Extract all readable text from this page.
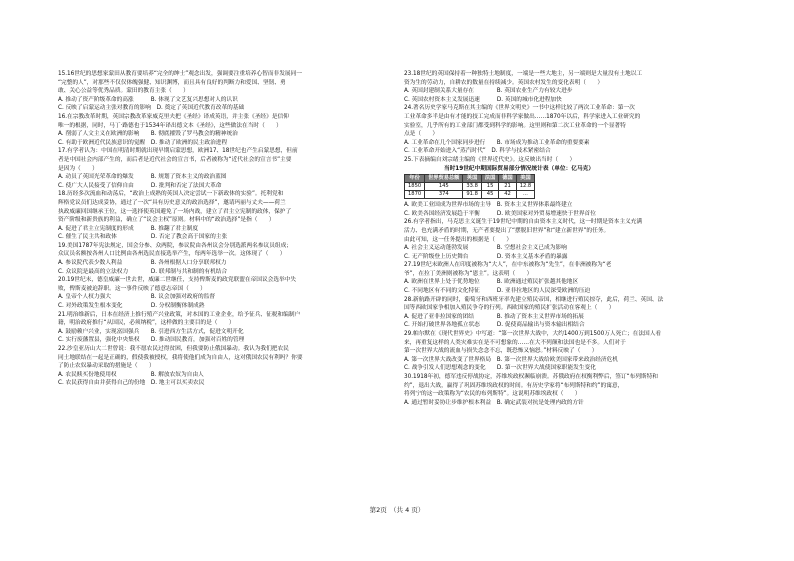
15.16世纪的思想家蒙田从教育要培养“完全的绅士”观念出发，强调要注重培养心智而非发展同一
“完整的人”，对那些不仅仅体魄强健、知识渊博，而且具有良好的判断力和爱国、坚韧、勇
敢、关心公益等优秀品质。蒙田的教育主张（　　）
A. 推动了资产阶级革命的高涨　　　B. 体现了文艺复兴思想对人的认识
C. 反映了启蒙运动主张对教育的影响　D. 奠定了英国近代教育改革的基础
16.在宗教改革时期，英国宗教改革家威克里夫把《圣经》译成英语，并主张《圣经》是信仰
唯一的根据，同时，马丁·路德也于1534年译出德文本《圣经》，这些做法在当时（　　）
A. 削弱了人文主义在欧洲的影响　　B. 彻底摧毁了罗马教会的精神统治
C. 有助于欧洲近代民族意识的觉醒　D. 推动了欧洲的民主政治进程
17.有学者认为：中国在明清时期就出现早期启蒙思想，欧洲17、18世纪也产生启蒙思想，但前
者是中国社会内部产生的，而后者是近代社会的宣言书，后者被称为“近代社会的宣言书”主要
是因为（　　）
A. 动员了英国光荣革命的爆发　　　B. 规划了资本主义的政治蓝图
C. 使广大人民接受了信仰自由　　　D. 批判和否定了法国大革命
18.历经多次流血和动荡后，“政治上成熟的英国人决定尝试一下新政体的实验”。托利党和
辉格党议员们达成妥协，通过了一次“具有历史意义的政治选择”，邀请玛丽与丈夫——荷兰
执政威廉回国继承王位，这一选择使英国避免了一场内战，建立了君主立宪制的政体，保护了
资产阶级和新贵族的利益，确立了“议会主权”原则。材料中的“政治选择”是指（　　）
A. 促进了君主立宪制度的形成　　　B. 推翻了君主制度
C. 催生了民主共和政体　　　　　　D. 否定了教会高于国家的主张
19.美国1787年宪法规定，国会分参、众两院，参议院由各州议会分别选派两名参议员组成；
众议员名额按各州人口比例由各州选民直接选举产生，每两年选举一次。这体现了（　　）
A. 参议院代表少数人利益　　　　　B. 各州根据人口分享联邦权力
C. 众议院是最高的立法权力　　　　D. 联邦制与共和制的有机结合
20.19世纪末，德皇威廉一世去世，威廉二世继任，支持俾斯麦的政党联盟在帝国议会选举中失
败，俾斯麦被迫辞职。这一事件反映了德意志帝国（　　）
A. 皇帝个人权力强大　　　　　　　B. 议会加强对政府的监督
C. 对外政策发生根本变化　　　　　D. 分权制衡体制成熟
21.明治维新后，日本在经济上推行殖产兴业政策，对本国的工业企业，给予征兵、征税和编制户
籍，明治政府推行“从国民，必须纳税”，这样做的主要目的是（　　）
A. 鼓励赖户兴业，实现富国强兵　　B. 引进西方生活方式，促进文明开化
C. 实行废藩置县，强化中央集权　　D. 推动国民教育，加强对百姓的管理
22.沙皇亚历山大二世曾说：我不愿农民过得贫困，但我要防止俄国暴动。我认为我们把农民
同土地联结在一起是正确的，假使我被授权，我将使他们成为自由人，这对俄国农民有利吗？你要
了防止农奴暴动采取的措施是（　　）
A. 农民赎买份地使用权　　　　　　B. 解放农奴为自由人
C. 农民获得自由并获得自己的份地　D. 地主可以买卖农民
23.18世纪的英国保持着一种独特土地制度，一端是一些大地主，另一端则是大量没有土地以工
资为生的劳动力，自耕农的数量在持续减少。英国农村发生的变化表明（　　）
A. 英国封建制关系大量存在　　　　B. 英国农业生产力有较大进步
C. 英国农村资本主义发展迅速　　　D. 英国的城市化进程加快
24.著名历史学家马克斯在其主编的《世界文明史》一书中这样比较了两次工业革命：第一次
工业革命多半是由有才能的技工完成而非科学家做出……1870年以后，科学家进入工业研究的
实验室，几乎所有的工业部门都受到科学的影响。这里则和第二次工业革命的一个显著特
点是（　　）
A. 工业革命在几个国家同步进行　　B. 市场成为推动工业革命的重要要素
C. 工业革命开始进入“蒸汽时代”　D. 科学与技术紧密结合
25.下表摘编自刘宗绪主编的《世界近代史》。这反映出当时（　　）
当时19世纪中期国际贸易部分情况统计表（单位：亿马克）
年份	世界贸易总额	英国	法国	德国	美国
1850	145	33.8	15	21	12.8
1870	374	91.8	45	42	...
A. 欧美工业国成为世界市场的主导　B. 资本主义世界体系最终建立
C. 欧美各国经济发展趋于平衡　　　D. 欧美国家对外贸易增速快于世界首位
26.有学者指出，马克思主义诞生于19世纪中期的自由资本主义时代，这一时期是资本主义充满
活力、也充满矛盾的时期，无产者要提出了“摆脱旧世界”和“建立新世界”的任务。
由此可知，这一任务提出的根据是（　　）
A. 社会主义运动蓬勃发展　　　　　B. 空想社会主义已成为影响
C. 无产阶级登上历史舞台　　　　　D. 资本主义基本矛盾的暴露
27.19世纪末欧洲人在印度被称为“大人”，在中东被称为“先生”，在非洲被称为“老
爷”，在拉丁美洲则被称为“恩主”。这表明（　　）
A. 欧洲在世界上处于优势地位　　　B. 欧洲通过殖民扩张越其他地区
C. 不同地区有不同的文化特征　　　D. 亚非拉地区的人民深受欧洲的压迫
28.新航路开辟的同时，葡萄牙和西班牙率先建立殖民帝国，相继进行殖民掠夺，此后，荷兰、英国、法
国等西欧国家争相加入殖民争夺的行列。西欧国家的殖民扩张活动在客观上（　　）
A. 促进了亚非拉国家的团结　　　　B. 推动了资本主义世界市场的拓展
C. 开始打破世界各地孤立状态　　　D. 促使商品输出与资本输出相结合
29.帕尔默在《现代世界史》中写道：“第一次世界大战中，大约1400万到1500万人死亡；在法国人看
来，再重复这样的人类灾难实在是不可想象的……在大不列颠和法国也是不多。人们对于
第一次世界大战的流血与损失念念不忘，既恐怖又恼怒。”材料反映了（　　）
A. 第一次世界大战改变了世界格局　B. 第一次世界大战给欧美国家带来政治经济危机
C. 战争引发人们思想观念的变化　　D. 第一次世界大战使国家职能发生变化
30.1918年初，德军违反停战协定，苏维埃政权濒临崩溃。苏俄政府在权衡利弊后，签订“布列斯特和
约”，退出大战，赢得了巩固苏维埃政权的时间。有历史学家将“布列斯特和约”的寓意，
将列宁的这一政策称为“农民的布列斯特”。这说明苏维埃政权（　　）
A. 通过暂时妥协让步维护根本利益　B. 确定武装对抗是处理内政的方针
第2页　（共 4 页）
